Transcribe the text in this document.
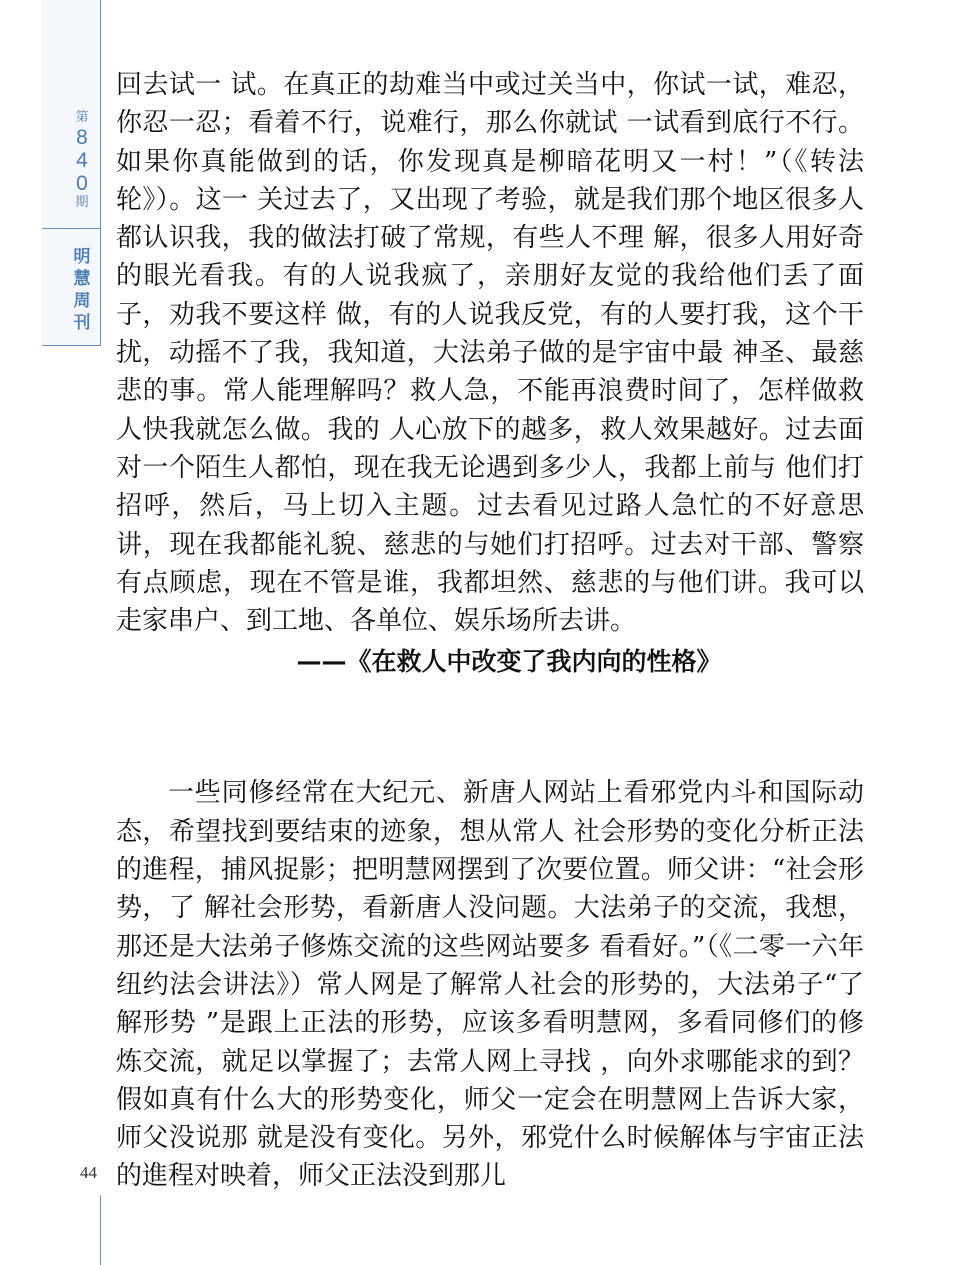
第
8
4
0
期
明
慧
周
刊
44

回去试一 试。在真正的劫难当中或过关当中，你试一试，难忍，你忍一忍；看着不行，说难行，那么你就试 一试看到底行不行。如果你真能做到的话，你发现真是柳暗花明又一村！”（《转法轮》）。这一 关过去了，又出现了考验，就是我们那个地区很多人都认识我，我的做法打破了常规，有些人不理 解，很多人用好奇的眼光看我。有的人说我疯了，亲朋好友觉的我给他们丢了面子，劝我不要这样 做，有的人说我反党，有的人要打我，这个干扰，动摇不了我，我知道，大法弟子做的是宇宙中最 神圣、最慈悲的事。常人能理解吗？救人急，不能再浪费时间了，怎样做救人快我就怎么做。我的 人心放下的越多，救人效果越好。过去面对一个陌生人都怕，现在我无论遇到多少人，我都上前与 他们打招呼，然后，马上切入主题。过去看见过路人急忙的不好意思讲，现在我都能礼貌、慈悲的与她们打招呼。过去对干部、警察有点顾虑，现在不管是谁，我都坦然、慈悲的与他们讲。我可以 走家串户、到工地、各单位、娱乐场所去讲。

——《在救人中改变了我内向的性格》

一些同修经常在大纪元、新唐人网站上看邪党内斗和国际动态，希望找到要结束的迹象，想从常人 社会形势的变化分析正法的進程，捕风捉影；把明慧网摆到了次要位置。师父讲：“社会形势，了 解社会形势，看新唐人没问题。大法弟子的交流，我想，那还是大法弟子修炼交流的这些网站要多 看看好。”（《二零一六年纽约法会讲法》）常人网是了解常人社会的形势的，大法弟子“了解形势 ”是跟上正法的形势，应该多看明慧网，多看同修们的修炼交流，就足以掌握了；去常人网上寻找 ，向外求哪能求的到？假如真有什么大的形势变化，师父一定会在明慧网上告诉大家，师父没说那 就是没有变化。另外，邪党什么时候解体与宇宙正法的進程对映着，师父正法没到那儿
